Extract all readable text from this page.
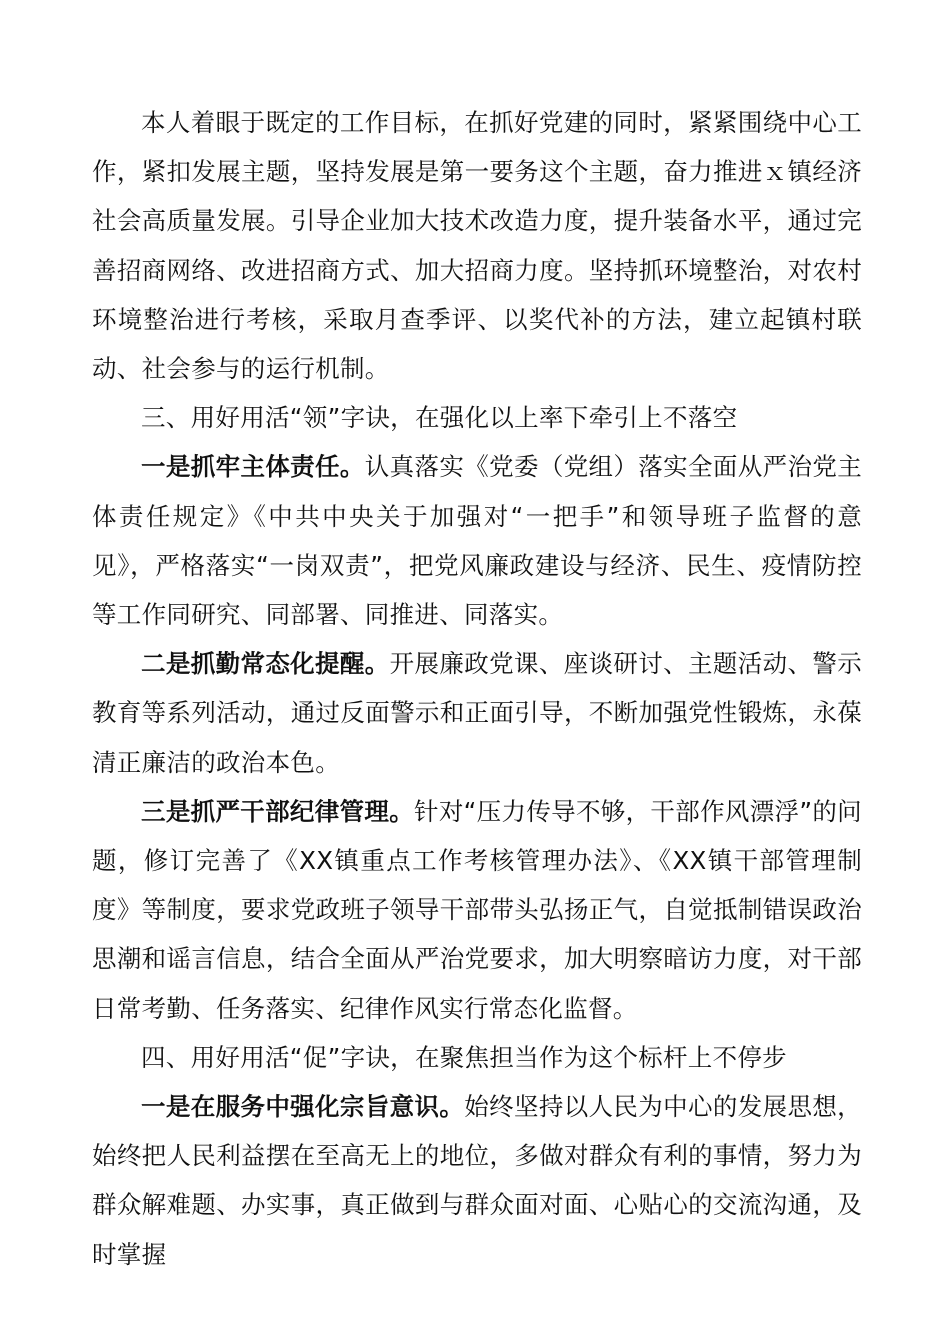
本人着眼于既定的工作目标，在抓好党建的同时，紧紧围绕中心工作，紧扣发展主题，坚持发展是第一要务这个主题，奋力推进ｘ镇经济社会高质量发展。引导企业加大技术改造力度，提升装备水平，通过完善招商网络、改进招商方式、加大招商力度。坚持抓环境整治，对农村环境整治进行考核，采取月查季评、以奖代补的方法，建立起镇村联动、社会参与的运行机制。

三、用好用活“领”字诀，在强化以上率下牵引上不落空

一是抓牢主体责任。认真落实《党委（党组）落实全面从严治党主体责任规定》《中共中央关于加强对“一把手”和领导班子监督的意见》，严格落实“一岗双责”，把党风廉政建设与经济、民生、疫情防控等工作同研究、同部署、同推进、同落实。

二是抓勤常态化提醒。开展廉政党课、座谈研讨、主题活动、警示教育等系列活动，通过反面警示和正面引导，不断加强党性锻炼，永葆清正廉洁的政治本色。

三是抓严干部纪律管理。针对“压力传导不够，干部作风漂浮”的问题，修订完善了《XX镇重点工作考核管理办法》、《XX镇干部管理制度》等制度，要求党政班子领导干部带头弘扬正气，自觉抵制错误政治思潮和谣言信息，结合全面从严治党要求，加大明察暗访力度，对干部日常考勤、任务落实、纪律作风实行常态化监督。

四、用好用活“促”字诀，在聚焦担当作为这个标杆上不停步

一是在服务中强化宗旨意识。始终坚持以人民为中心的发展思想，始终把人民利益摆在至高无上的地位，多做对群众有利的事情，努力为群众解难题、办实事，真正做到与群众面对面、心贴心的交流沟通，及时掌握
